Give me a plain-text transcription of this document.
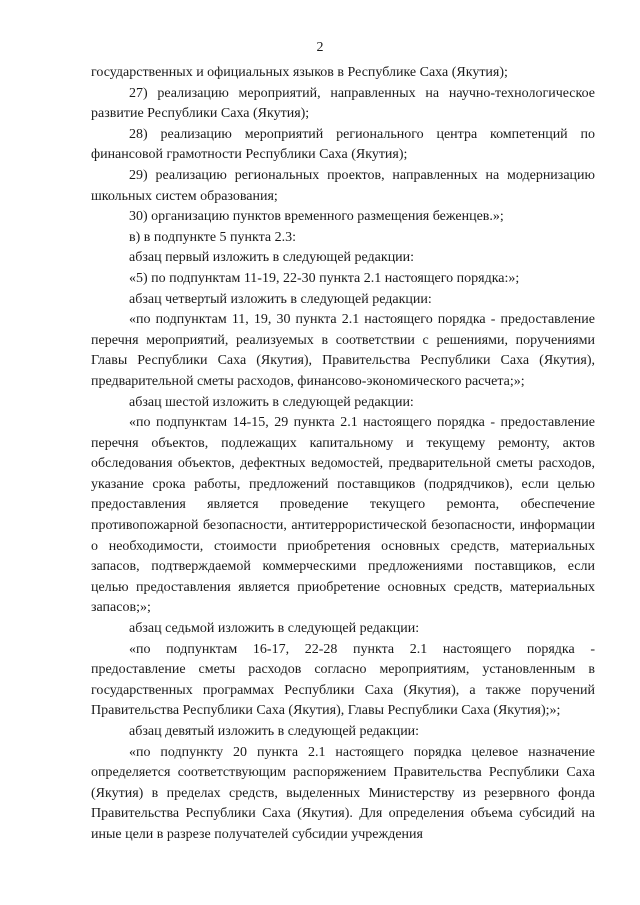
2

государственных и официальных языков в Республике Саха (Якутия);

27) реализацию мероприятий, направленных на научно-технологическое развитие Республики Саха (Якутия);

28) реализацию мероприятий регионального центра компетенций по финансовой грамотности Республики Саха (Якутия);

29) реализацию региональных проектов, направленных на модернизацию школьных систем образования;

30) организацию пунктов временного размещения беженцев.»;

в) в подпункте 5 пункта 2.3:

абзац первый изложить в следующей редакции:

«5) по подпунктам 11-19, 22-30 пункта 2.1 настоящего порядка:»;

абзац четвертый изложить в следующей редакции:

«по подпунктам 11, 19, 30 пункта 2.1 настоящего порядка - предоставление перечня мероприятий, реализуемых в соответствии с решениями, поручениями Главы Республики Саха (Якутия), Правительства Республики Саха (Якутия), предварительной сметы расходов, финансово-экономического расчета;»;

абзац шестой изложить в следующей редакции:

«по подпунктам 14-15, 29 пункта 2.1 настоящего порядка - предоставление перечня объектов, подлежащих капитальному и текущему ремонту, актов обследования объектов, дефектных ведомостей, предварительной сметы расходов, указание срока работы, предложений поставщиков (подрядчиков), если целью предоставления является проведение текущего ремонта, обеспечение противопожарной безопасности, антитеррористической безопасности, информации о необходимости, стоимости приобретения основных средств, материальных запасов, подтверждаемой коммерческими предложениями поставщиков, если целью предоставления является приобретение основных средств, материальных запасов;»;

абзац седьмой изложить в следующей редакции:

«по подпунктам 16-17, 22-28 пункта 2.1 настоящего порядка - предоставление сметы расходов согласно мероприятиям, установленным в государственных программах Республики Саха (Якутия), а также поручений Правительства Республики Саха (Якутия), Главы Республики Саха (Якутия);»;

абзац девятый изложить в следующей редакции:

«по подпункту 20 пункта 2.1 настоящего порядка целевое назначение определяется соответствующим распоряжением Правительства Республики Саха (Якутия) в пределах средств, выделенных Министерству из резервного фонда Правительства Республики Саха (Якутия). Для определения объема субсидий на иные цели в разрезе получателей субсидии учреждения
